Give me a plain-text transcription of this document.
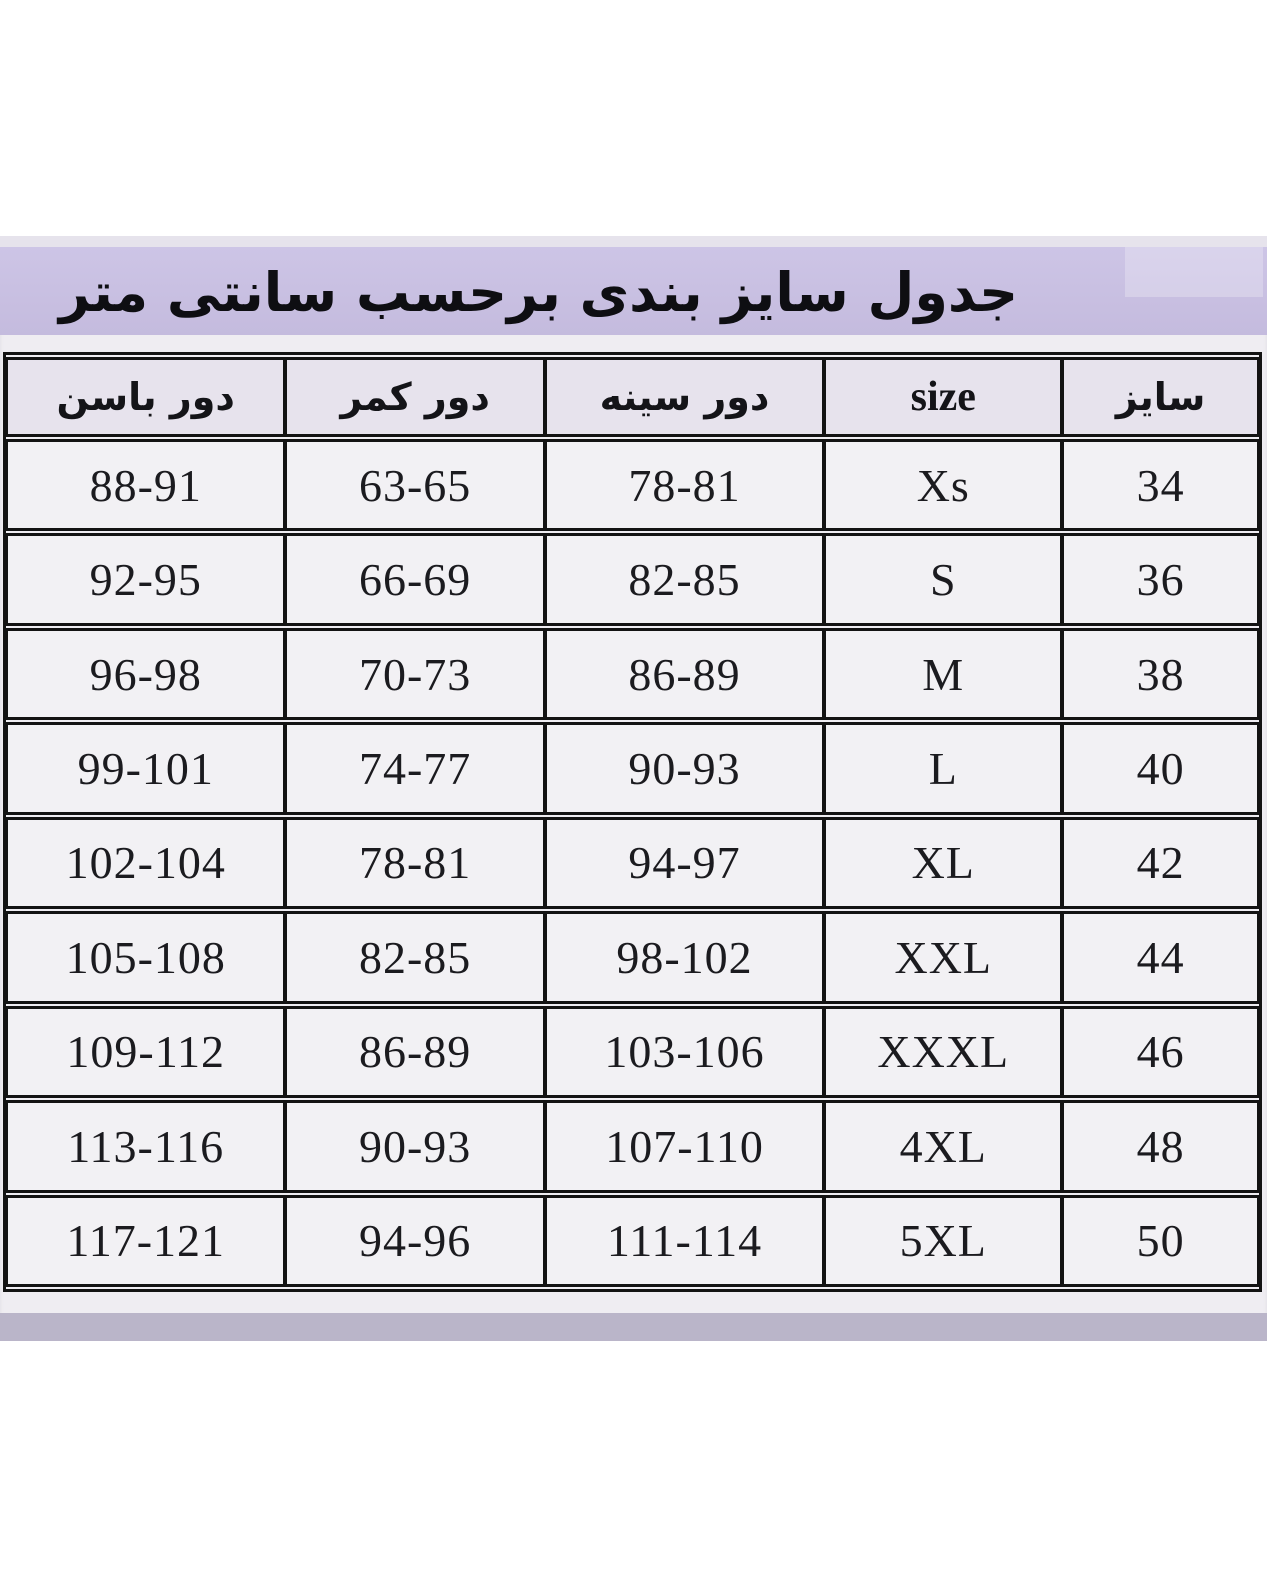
جدول سایز بندی برحسب سانتی متر
سایز	size	دور سینه	دور کمر	دور باسن
34	Xs	78-81	63-65	88-91
36	S	82-85	66-69	92-95
38	M	86-89	70-73	96-98
40	L	90-93	74-77	99-101
42	XL	94-97	78-81	102-104
44	XXL	98-102	82-85	105-108
46	XXXL	103-106	86-89	109-112
48	4XL	107-110	90-93	113-116
50	5XL	111-114	94-96	117-121
